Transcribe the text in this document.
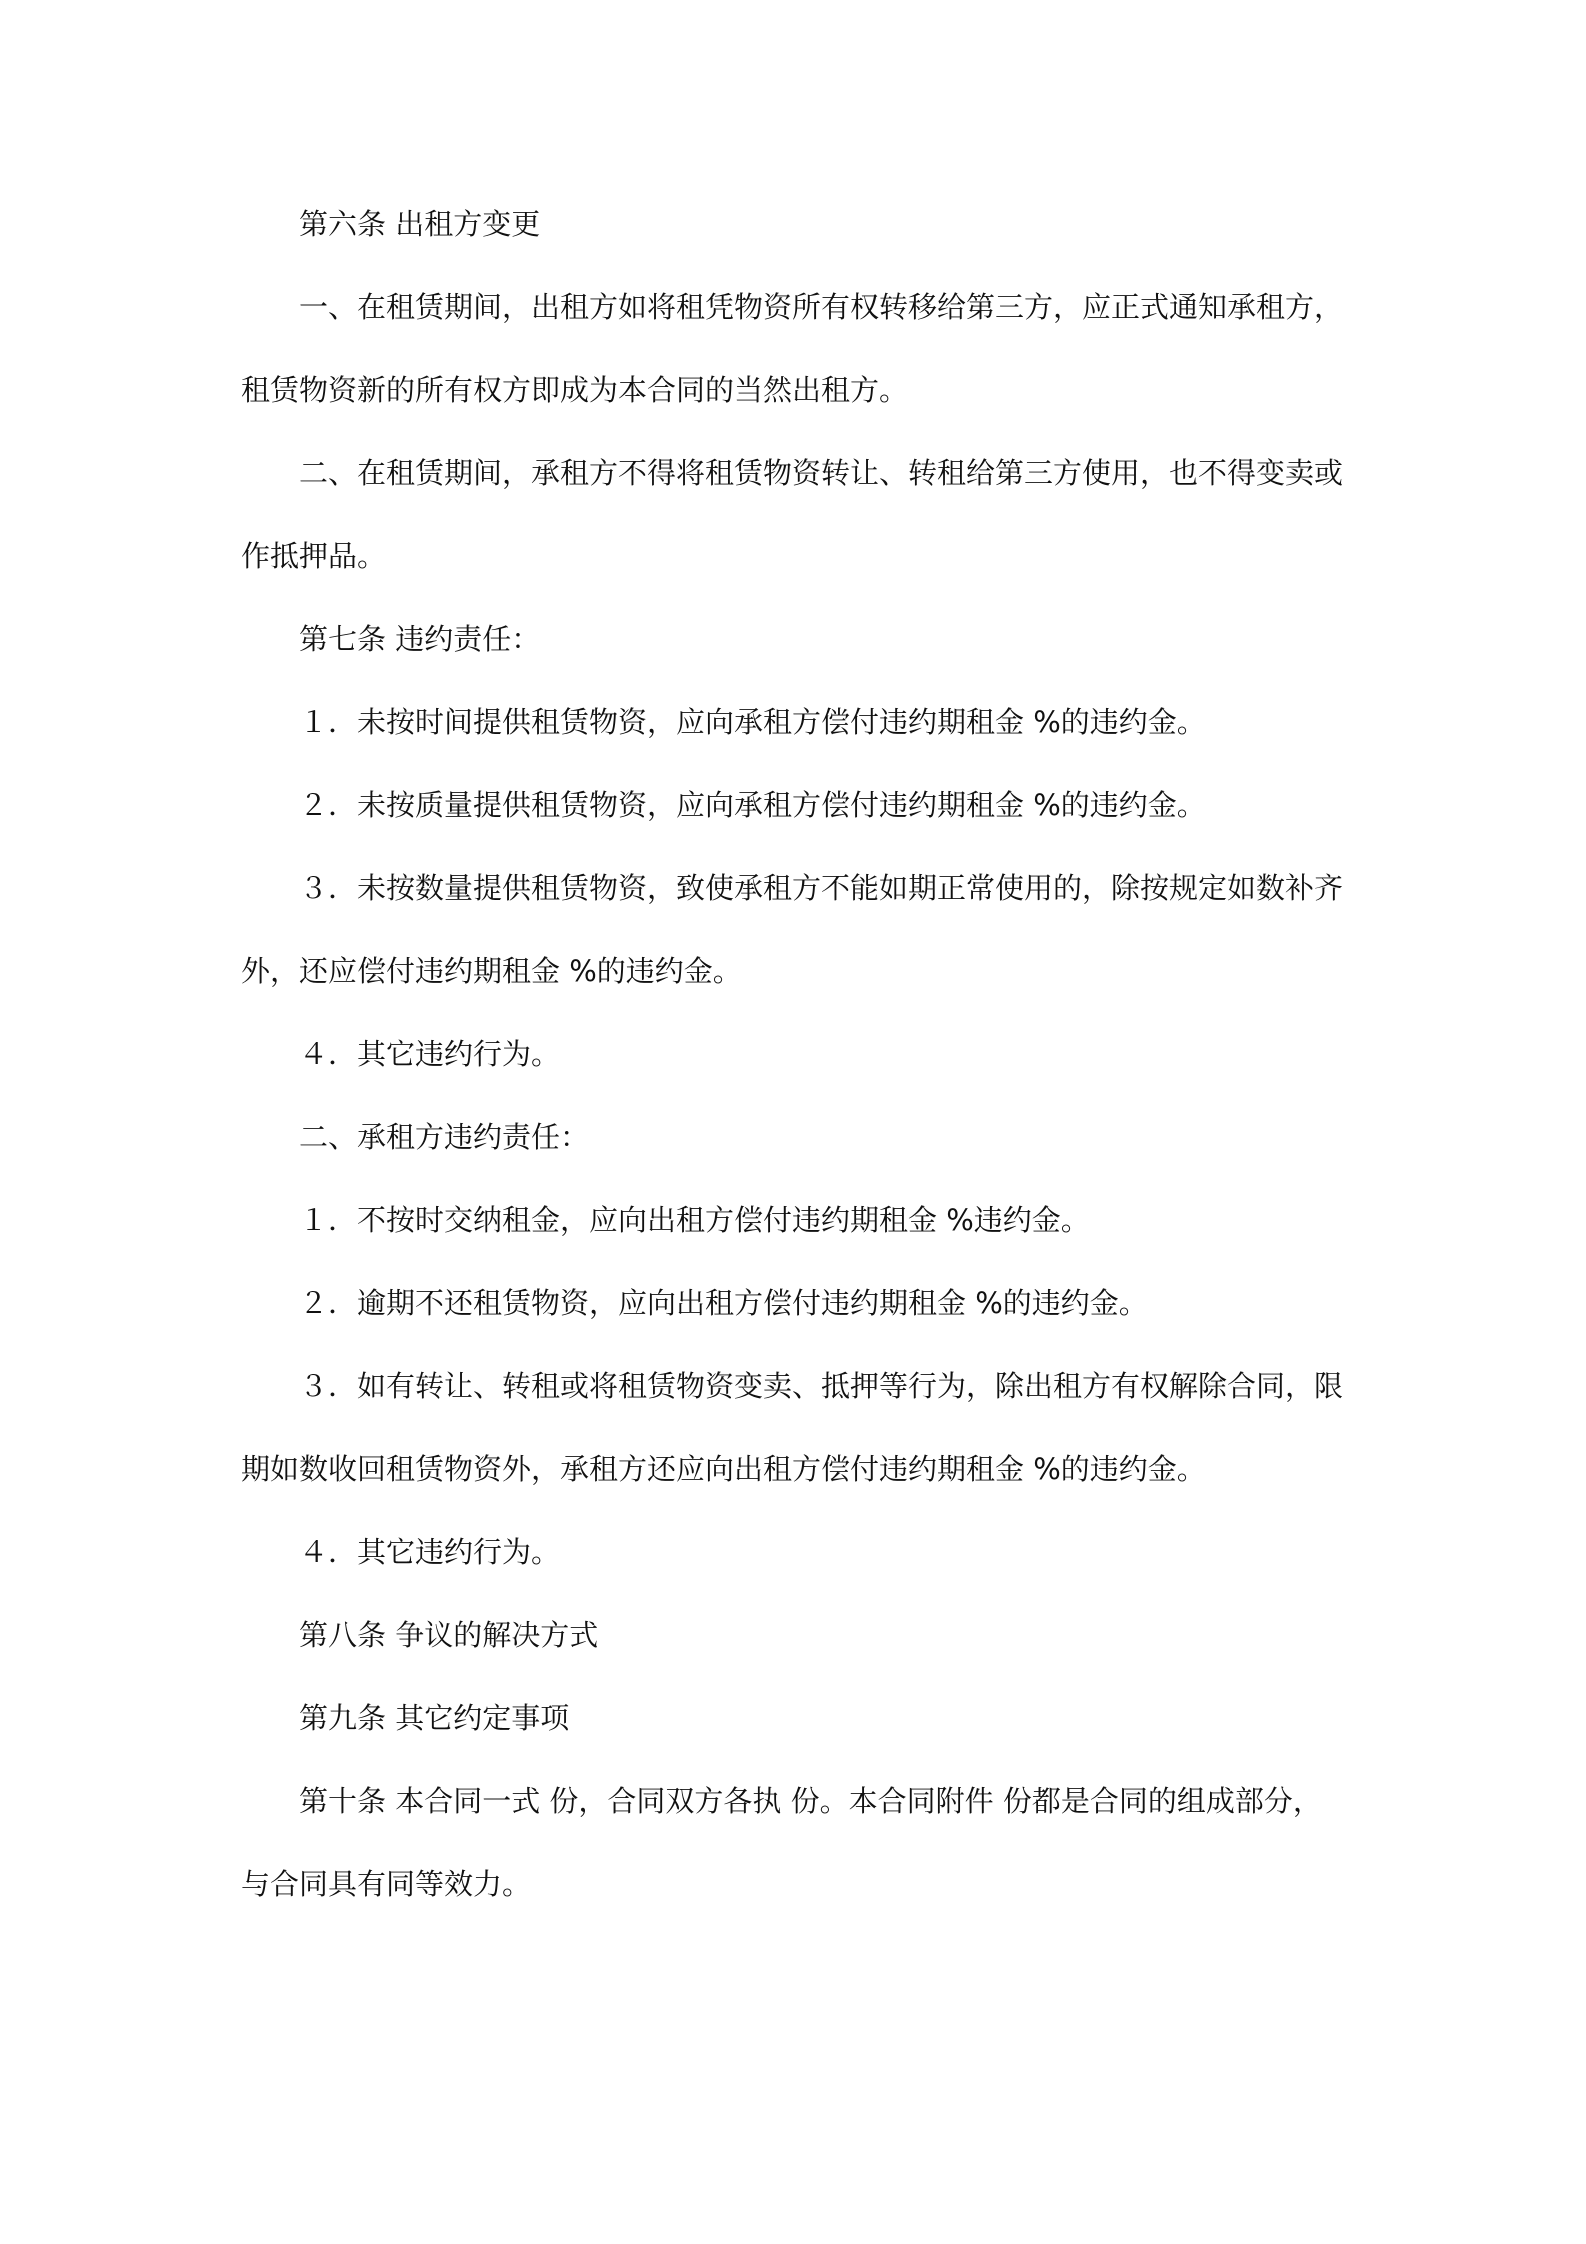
第六条 出租方变更
一、在租赁期间，出租方如将租凭物资所有权转移给第三方，应正式通知承租方，
租赁物资新的所有权方即成为本合同的当然出租方。
二、在租赁期间，承租方不得将租赁物资转让、转租给第三方使用，也不得变卖或
作抵押品。
第七条 违约责任：
１．未按时间提供租赁物资，应向承租方偿付违约期租金 %的违约金。
２．未按质量提供租赁物资，应向承租方偿付违约期租金 %的违约金。
３．未按数量提供租赁物资，致使承租方不能如期正常使用的，除按规定如数补齐
外，还应偿付违约期租金 %的违约金。
４．其它违约行为。
二、承租方违约责任：
１．不按时交纳租金，应向出租方偿付违约期租金 %违约金。
２．逾期不还租赁物资，应向出租方偿付违约期租金 %的违约金。
３．如有转让、转租或将租赁物资变卖、抵押等行为，除出租方有权解除合同，限
期如数收回租赁物资外，承租方还应向出租方偿付违约期租金 %的违约金。
４．其它违约行为。
第八条 争议的解决方式
第九条 其它约定事项
第十条 本合同一式 份，合同双方各执 份。本合同附件 份都是合同的组成部分，
与合同具有同等效力。
